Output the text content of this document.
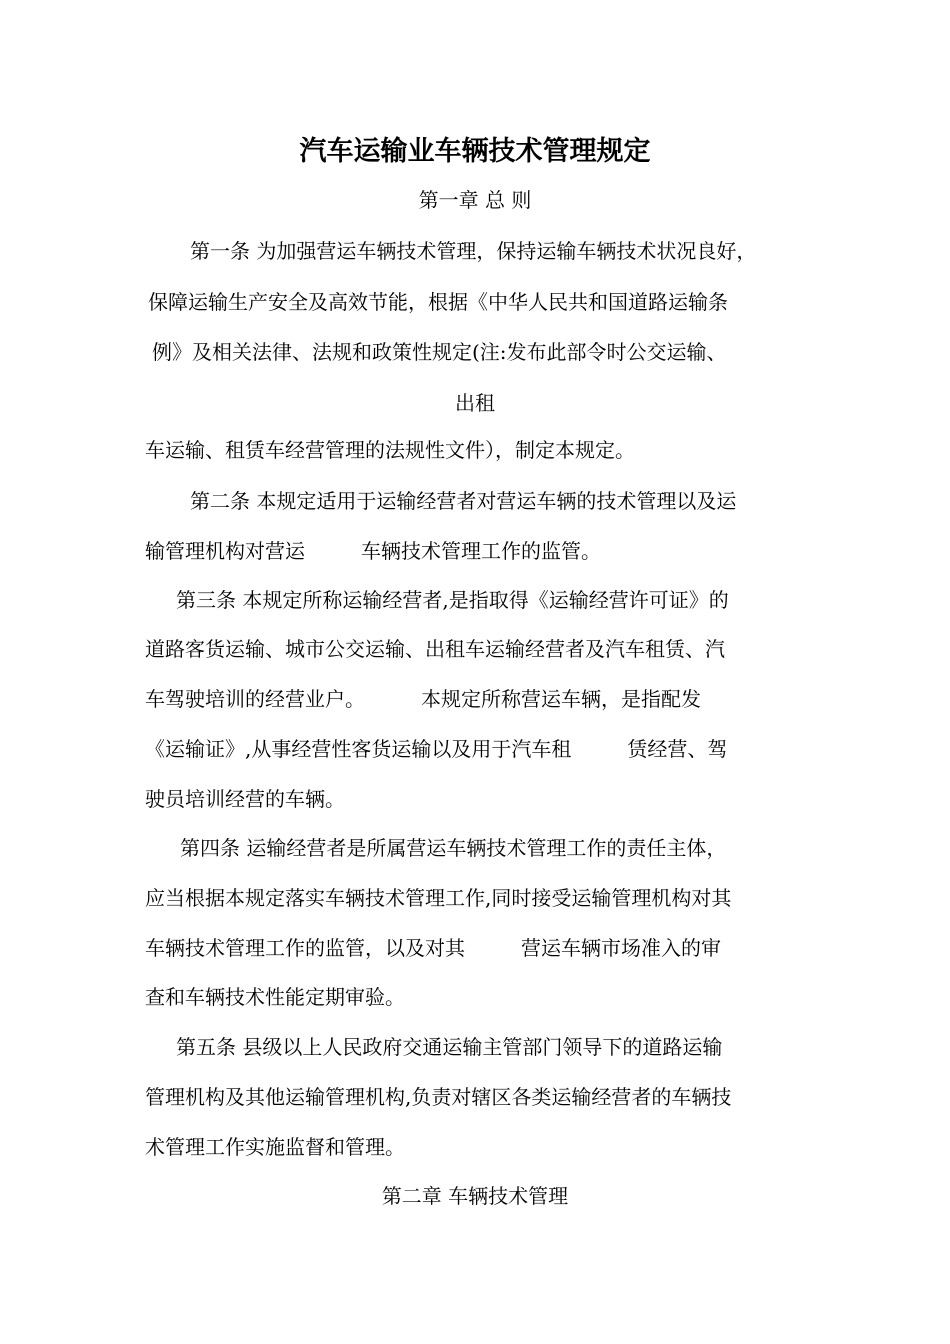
汽车运输业车辆技术管理规定
第一章 总 则
第一条 为加强营运车辆技术管理，保持运输车辆技术状况良好，
保障运输生产安全及高效节能，根据《中华人民共和国道路运输条
例》及相关法律、法规和政策性规定(注:发布此部令时公交运输、
出租
车运输、租赁车经营管理的法规性文件），制定本规定。
第二条 本规定适用于运输经营者对营运车辆的技术管理以及运
输管理机构对营运	车辆技术管理工作的监管。
第三条 本规定所称运输经营者,是指取得《运输经营许可证》的
道路客货运输、城市公交运输、出租车运输经营者及汽车租赁、汽
车驾驶培训的经营业户。	本规定所称营运车辆，是指配发
《运输证》,从事经营性客货运输以及用于汽车租	赁经营、驾
驶员培训经营的车辆。
第四条 运输经营者是所属营运车辆技术管理工作的责任主体，
应当根据本规定落实车辆技术管理工作,同时接受运输管理机构对其
车辆技术管理工作的监管，以及对其	营运车辆市场准入的审
查和车辆技术性能定期审验。
第五条 县级以上人民政府交通运输主管部门领导下的道路运输
管理机构及其他运输管理机构,负责对辖区各类运输经营者的车辆技
术管理工作实施监督和管理。
第二章 车辆技术管理
